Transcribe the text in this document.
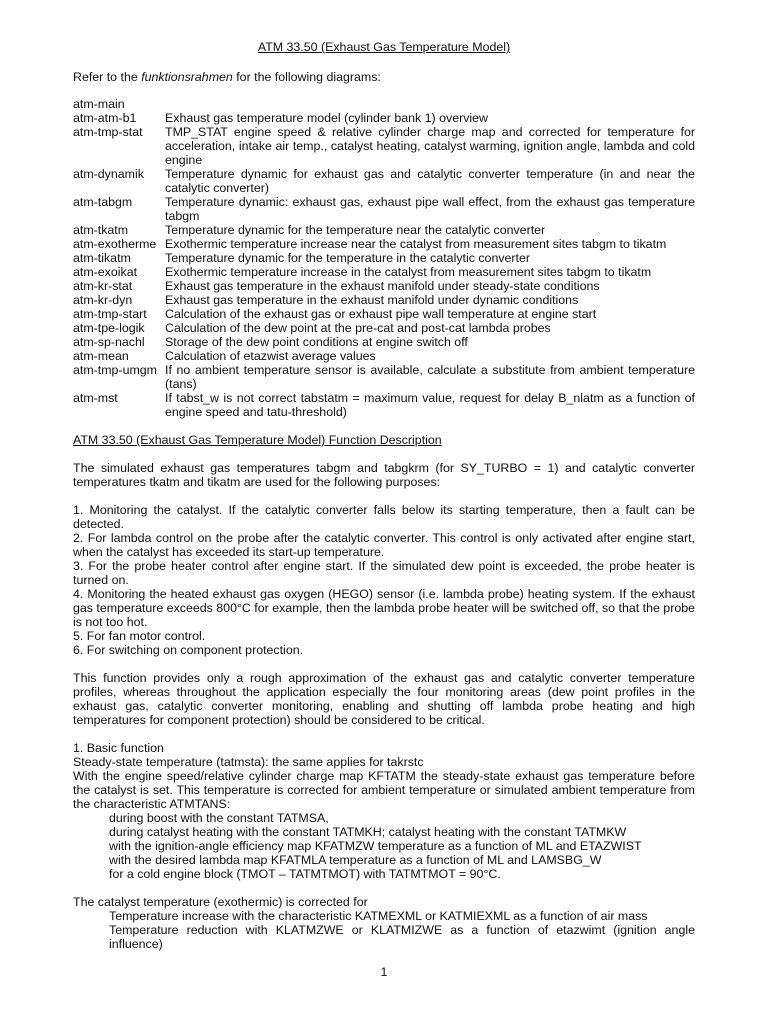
ATM 33.50 (Exhaust Gas Temperature Model)
Refer to the funktionsrahmen for the following diagrams:
atm-main
atm-atm-b1	Exhaust gas temperature model (cylinder bank 1) overview
atm-tmp-stat	TMP_STAT engine speed & relative cylinder charge map and corrected for temperature for acceleration, intake air temp., catalyst heating, catalyst warming, ignition angle, lambda and cold engine
atm-dynamik	Temperature dynamic for exhaust gas and catalytic converter temperature (in and near the catalytic converter)
atm-tabgm	Temperature dynamic: exhaust gas, exhaust pipe wall effect, from the exhaust gas temperature tabgm
atm-tkatm	Temperature dynamic for the temperature near the catalytic converter
atm-exotherme Exothermic temperature increase near the catalyst from measurement sites tabgm to tikatm
atm-tikatm	Temperature dynamic for the temperature in the catalytic converter
atm-exoikat	Exothermic temperature increase in the catalyst from measurement sites tabgm to tikatm
atm-kr-stat	Exhaust gas temperature in the exhaust manifold under steady-state conditions
atm-kr-dyn	Exhaust gas temperature in the exhaust manifold under dynamic conditions
atm-tmp-start	Calculation of the exhaust gas or exhaust pipe wall temperature at engine start
atm-tpe-logik	Calculation of the dew point at the pre-cat and post-cat lambda probes
atm-sp-nachl	Storage of the dew point conditions at engine switch off
atm-mean	Calculation of etazwist average values
atm-tmp-umgm If no ambient temperature sensor is available, calculate a substitute from ambient temperature (tans)
atm-mst	If tabst_w is not correct tabstatm = maximum value, request for delay B_nlatm as a function of engine speed and tatu-threshold)
ATM 33.50 (Exhaust Gas Temperature Model) Function Description

The simulated exhaust gas temperatures tabgm and tabgkrm (for SY_TURBO = 1) and catalytic converter temperatures tkatm and tikatm are used for the following purposes:

1. Monitoring the catalyst. If the catalytic converter falls below its starting temperature, then a fault can be detected.

2. For lambda control on the probe after the catalytic converter. This control is only activated after engine start, when the catalyst has exceeded its start-up temperature.

3. For the probe heater control after engine start. If the simulated dew point is exceeded, the probe heater is turned on.

4. Monitoring the heated exhaust gas oxygen (HEGO) sensor (i.e. lambda probe) heating system. If the exhaust gas temperature exceeds 800°C for example, then the lambda probe heater will be switched off, so that the probe is not too hot.

5. For fan motor control.

6. For switching on component protection.

This function provides only a rough approximation of the exhaust gas and catalytic converter temperature profiles, whereas throughout the application especially the four monitoring areas (dew point profiles in the exhaust gas, catalytic converter monitoring, enabling and shutting off lambda probe heating and high temperatures for component protection) should be considered to be critical.

1. Basic function
Steady-state temperature (tatmsta): the same applies for takrstc

With the engine speed/relative cylinder charge map KFTATM the steady-state exhaust gas temperature before the catalyst is set. This temperature is corrected for ambient temperature or simulated ambient temperature from the characteristic ATMTANS:

during boost with the constant TATMSA,
during catalyst heating with the constant TATMKH; catalyst heating with the constant TATMKW
with the ignition-angle efficiency map KFATMZW temperature as a function of ML and ETAZWIST
with the desired lambda map KFATMLA temperature as a function of ML and LAMSBG_W
for a cold engine block (TMOT – TATMTMOT) with TATMTMOT = 90°C.
The catalyst temperature (exothermic) is corrected for

Temperature increase with the characteristic KATMEXML or KATMIEXML as a function of air mass

Temperature reduction with KLATMZWE or KLATMIZWE as a function of etazwimt (ignition angle influence)

1
